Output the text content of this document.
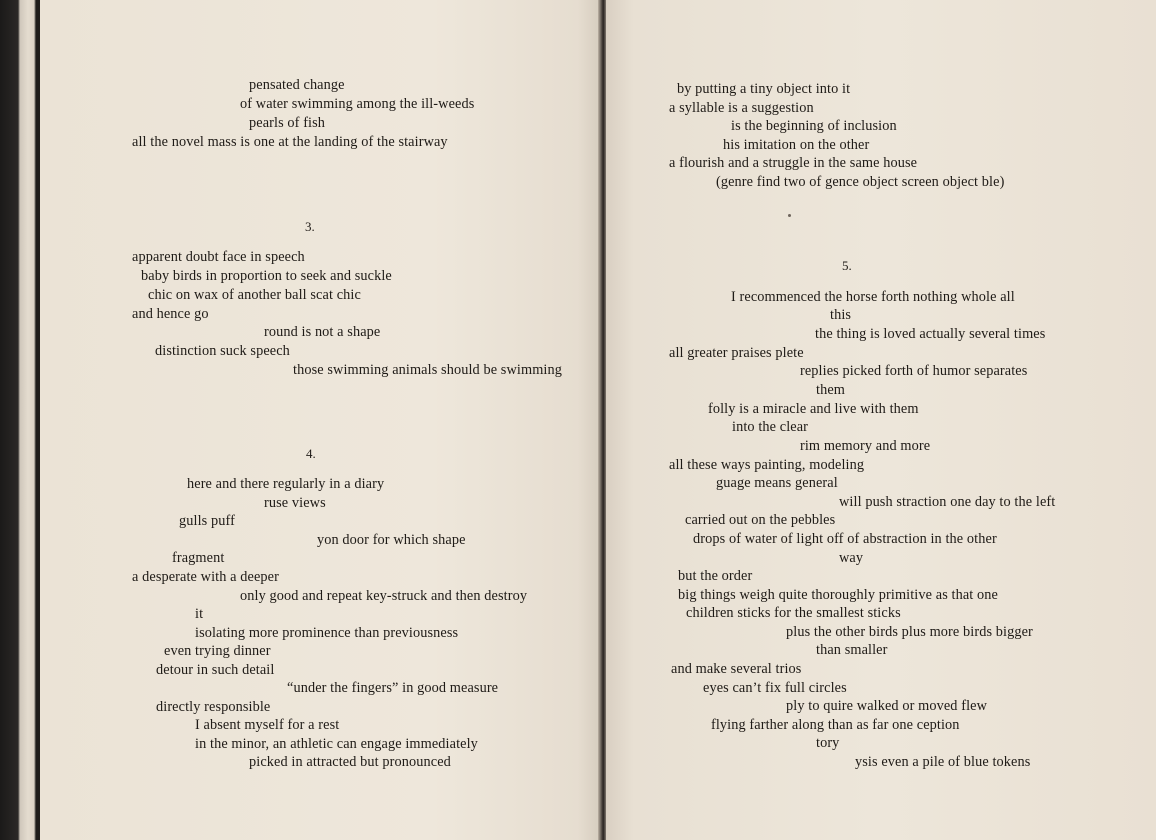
pensated change
of water swimming among the ill-weeds
pearls of fish
all the novel mass is one at the landing of the stairway
3.
apparent doubt face in speech
baby birds in proportion to seek and suckle
chic on wax of another ball scat chic
and hence go
round is not a shape
distinction suck speech
those swimming animals should be swimming
4.
here and there regularly in a diary
ruse views
gulls puff
yon door for which shape
fragment
a desperate with a deeper
only good and repeat key-struck and then destroy
it
isolating more prominence than previousness
even trying dinner
detour in such detail
“under the fingers” in good measure
directly responsible
I absent myself for a rest
in the minor, an athletic can engage immediately
picked in attracted but pronounced
by putting a tiny object into it
a syllable is a suggestion
is the beginning of inclusion
his imitation on the other
a flourish and a struggle in the same house
(genre find two of gence object screen object ble)
5.
I recommenced the horse forth nothing whole all
this
the thing is loved actually several times
all greater praises plete
replies picked forth of humor separates
them
folly is a miracle and live with them
into the clear
rim memory and more
all these ways painting, modeling
guage means general
will push straction one day to the left
carried out on the pebbles
drops of water of light off of abstraction in the other
way
but the order
big things weigh quite thoroughly primitive as that one
children sticks for the smallest sticks
plus the other birds plus more birds bigger
than smaller
and make several trios
eyes can’t fix full circles
ply to quire walked or moved flew
flying farther along than as far one ception
tory
ysis even a pile of blue tokens
